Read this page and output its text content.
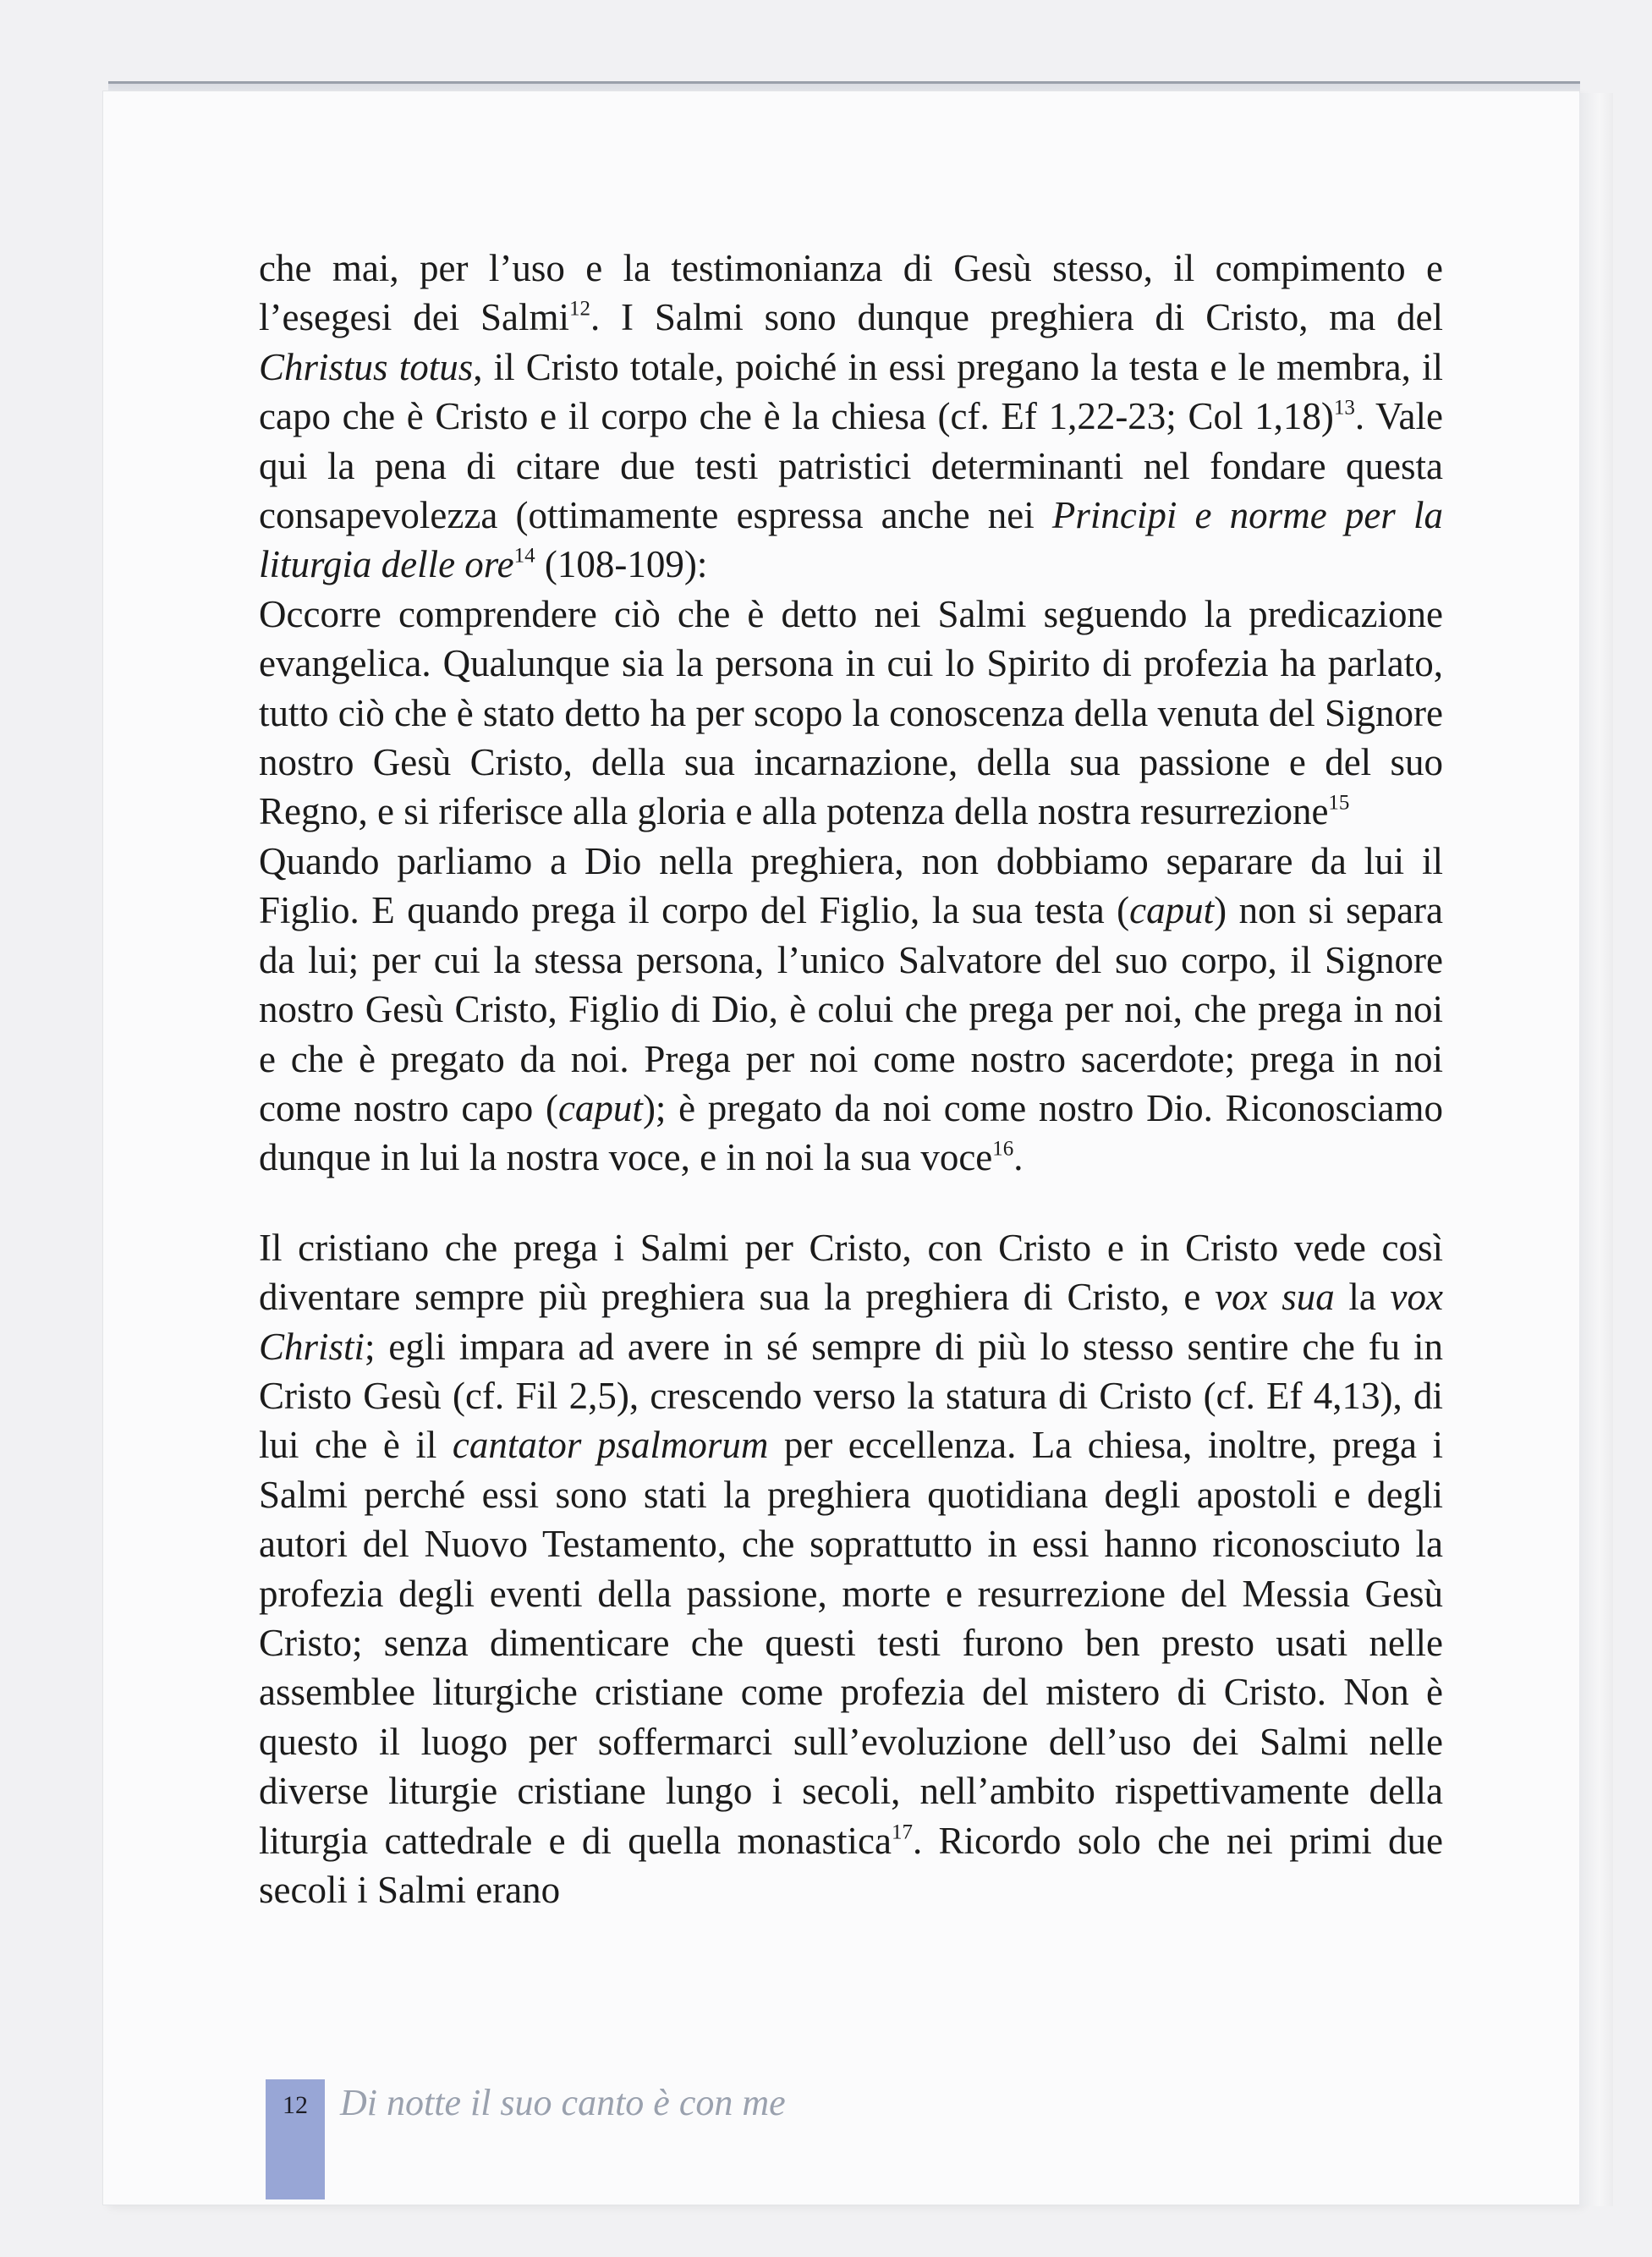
che mai, per l’uso e la testimonianza di Gesù stesso, il compimento e l’esegesi dei Salmi$^{12}$. I Salmi sono dunque preghiera di Cristo, ma del Christus totus, il Cristo totale, poiché in essi pregano la testa e le membra, il capo che è Cristo e il corpo che è la chiesa (cf. Ef 1,22-23; Col 1,18)$^{13}$. Vale qui la pena di citare due testi patristici determinanti nel fondare questa consapevolezza (ottimamente espressa anche nei Principi e norme per la liturgia delle ore$^{14}$ (108-109):

Occorre comprendere ciò che è detto nei Salmi seguendo la predicazione evangelica. Qualunque sia la persona in cui lo Spirito di profezia ha parlato, tutto ciò che è stato detto ha per scopo la conoscenza della venuta del Signore nostro Gesù Cristo, della sua incarnazione, della sua passione e del suo Regno, e si riferisce alla gloria e alla potenza della nostra resurrezione$^{15}$

Quando parliamo a Dio nella preghiera, non dobbiamo separare da lui il Figlio. E quando prega il corpo del Figlio, la sua testa (caput) non si separa da lui; per cui la stessa persona, l’unico Salvatore del suo corpo, il Signore nostro Gesù Cristo, Figlio di Dio, è colui che prega per noi, che prega in noi e che è pregato da noi. Prega per noi come nostro sacerdote; prega in noi come nostro capo (caput); è pregato da noi come nostro Dio. Riconosciamo dunque in lui la nostra voce, e in noi la sua voce$^{16}$.

Il cristiano che prega i Salmi per Cristo, con Cristo e in Cristo vede così diventare sempre più preghiera sua la preghiera di Cristo, e vox sua la vox Christi; egli impara ad avere in sé sempre di più lo stesso sentire che fu in Cristo Gesù (cf. Fil 2,5), crescendo verso la statura di Cristo (cf. Ef 4,13), di lui che è il cantator psalmorum per eccellenza. La chiesa, inoltre, prega i Salmi perché essi sono stati la preghiera quotidiana degli apostoli e degli autori del Nuovo Testamento, che soprattutto in essi hanno riconosciuto la profezia degli eventi della passione, morte e resurrezione del Messia Gesù Cristo; senza dimenticare che questi testi furono ben presto usati nelle assemblee liturgiche cristiane come profezia del mistero di Cristo. Non è questo il luogo per soffermarci sull’evoluzione dell’uso dei Salmi nelle diverse liturgie cristiane lungo i secoli, nell’ambito rispettivamente della liturgia cattedrale e di quella monastica$^{17}$. Ricordo solo che nei primi due secoli i Salmi erano

12 Di notte il suo canto è con me
